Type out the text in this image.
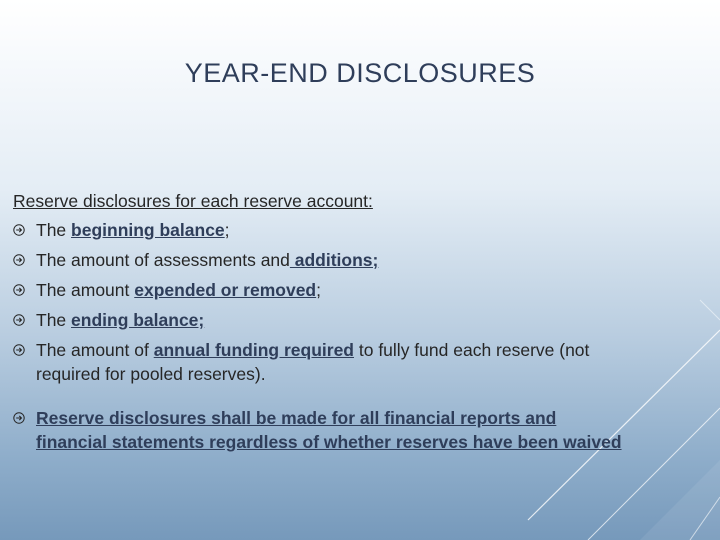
YEAR-END DISCLOSURES

Reserve disclosures for each reserve account:

The beginning balance;
The amount of assessments and additions;
The amount expended or removed;
The ending balance;
The amount of annual funding required to fully fund each reserve (not
required for pooled reserves).
Reserve disclosures shall be made for all financial reports and
financial statements regardless of whether reserves have been waived
